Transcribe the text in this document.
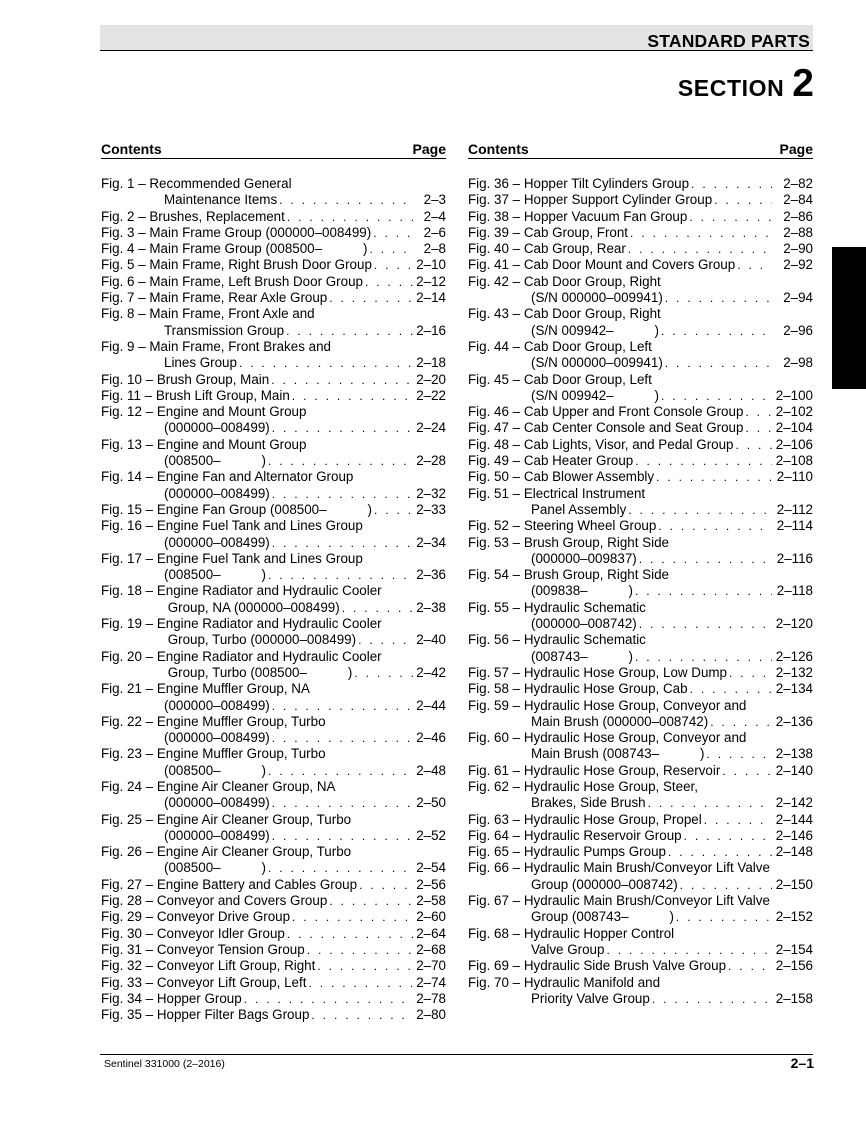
STANDARD PARTS
SECTION 2
Contents	Page
Fig. 1 – Recommended General
Maintenance Items . . .	2–3
Fig. 2 – Brushes, Replacement . . .	2–4
Fig. 3 – Main Frame Group (000000–008499) . . .	2–6
Fig. 4 – Main Frame Group (008500–           ) . . .	2–8
Fig. 5 – Main Frame, Right Brush Door Group . . .	2–10
Fig. 6 – Main Frame, Left Brush Door Group . . .	2–12
Fig. 7 – Main Frame, Rear Axle Group . . .	2–14
Fig. 8 – Main Frame, Front Axle and
Transmission Group . . .	2–16
Fig. 9 – Main Frame, Front Brakes and
Lines Group . . .	2–18
Fig. 10 – Brush Group, Main . . .	2–20
Fig. 11 – Brush Lift Group, Main . . .	2–22
Fig. 12 – Engine and Mount Group
(000000–008499) . . .	2–24
Fig. 13 – Engine and Mount Group
(008500–           ) . . .	2–28
Fig. 14 – Engine Fan and Alternator Group
(000000–008499) . . .	2–32
Fig. 15 – Engine Fan Group (008500–           ) . . .	2–33
Fig. 16 – Engine Fuel Tank and Lines Group
(000000–008499) . . .	2–34
Fig. 17 – Engine Fuel Tank and Lines Group
(008500–           ) . . .	2–36
Fig. 18 – Engine Radiator and Hydraulic Cooler
Group, NA (000000–008499) . . .	2–38
Fig. 19 – Engine Radiator and Hydraulic Cooler
Group, Turbo (000000–008499) . . .	2–40
Fig. 20 – Engine Radiator and Hydraulic Cooler
Group, Turbo (008500–           ) . . .	2–42
Fig. 21 – Engine Muffler Group, NA
(000000–008499) . . .	2–44
Fig. 22 – Engine Muffler Group, Turbo
(000000–008499) . . .	2–46
Fig. 23 – Engine Muffler Group, Turbo
(008500–           ) . . .	2–48
Fig. 24 – Engine Air Cleaner Group, NA
(000000–008499) . . .	2–50
Fig. 25 – Engine Air Cleaner Group, Turbo
(000000–008499) . . .	2–52
Fig. 26 – Engine Air Cleaner Group, Turbo
(008500–           ) . . .	2–54
Fig. 27 – Engine Battery and Cables Group . . .	2–56
Fig. 28 – Conveyor and Covers Group . . .	2–58
Fig. 29 – Conveyor Drive Group . . .	2–60
Fig. 30 – Conveyor Idler Group . . .	2–64
Fig. 31 – Conveyor Tension Group . . .	2–68
Fig. 32 – Conveyor Lift Group, Right . . .	2–70
Fig. 33 – Conveyor Lift Group, Left . . .	2–74
Fig. 34 – Hopper Group . . .	2–78
Fig. 35 – Hopper Filter Bags Group . . .	2–80
Contents	Page
Fig. 36 – Hopper Tilt Cylinders Group . . .	2–82
Fig. 37 – Hopper Support Cylinder Group . . .	2–84
Fig. 38 – Hopper Vacuum Fan Group . . .	2–86
Fig. 39 – Cab Group, Front . . .	2–88
Fig. 40 – Cab Group, Rear . . .	2–90
Fig. 41 – Cab Door Mount and Covers Group . . .	2–92
Fig. 42 – Cab Door Group, Right
(S/N 000000–009941) . . .	2–94
Fig. 43 – Cab Door Group, Right
(S/N 009942–           ) . . .	2–96
Fig. 44 – Cab Door Group, Left
(S/N 000000–009941) . . .	2–98
Fig. 45 – Cab Door Group, Left
(S/N 009942–           ) . . .	2–100
Fig. 46 – Cab Upper and Front Console Group . . . 2–102
Fig. 47 – Cab Center Console and Seat Group . . . 2–104
Fig. 48 – Cab Lights, Visor, and Pedal Group . . .	2–106
Fig. 49 – Cab Heater Group . . .	2–108
Fig. 50 – Cab Blower Assembly . . .	2–110
Fig. 51 – Electrical Instrument
Panel Assembly . . .	2–112
Fig. 52 – Steering Wheel Group . . .	2–114
Fig. 53 – Brush Group, Right Side
(000000–009837) . . .	2–116
Fig. 54 – Brush Group, Right Side
(009838–           ) . . .	2–118
Fig. 55 – Hydraulic Schematic
(000000–008742) . . .	2–120
Fig. 56 – Hydraulic Schematic
(008743–           ) . . .	2–126
Fig. 57 – Hydraulic Hose Group, Low Dump . . .	2–132
Fig. 58 – Hydraulic Hose Group, Cab . . .	2–134
Fig. 59 – Hydraulic Hose Group, Conveyor and
Main Brush (000000–008742) . . .	2–136
Fig. 60 – Hydraulic Hose Group, Conveyor and
Main Brush (008743–           ) . . .	2–138
Fig. 61 – Hydraulic Hose Group, Reservoir . . .	2–140
Fig. 62 – Hydraulic Hose Group, Steer,
Brakes, Side Brush . . .	2–142
Fig. 63 – Hydraulic Hose Group, Propel . . .	2–144
Fig. 64 – Hydraulic Reservoir Group . . .	2–146
Fig. 65 – Hydraulic Pumps Group . . .	2–148
Fig. 66 – Hydraulic Main Brush/Conveyor Lift Valve
Group (000000–008742) . . .	2–150
Fig. 67 – Hydraulic Main Brush/Conveyor Lift Valve
Group (008743–           ) . . .	2–152
Fig. 68 – Hydraulic Hopper Control
Valve Group . . .	2–154
Fig. 69 – Hydraulic Side Brush Valve Group . . .	2–156
Fig. 70 – Hydraulic Manifold and
Priority Valve Group . . .	2–158
Sentinel 331000 (2–2016)	2–1
